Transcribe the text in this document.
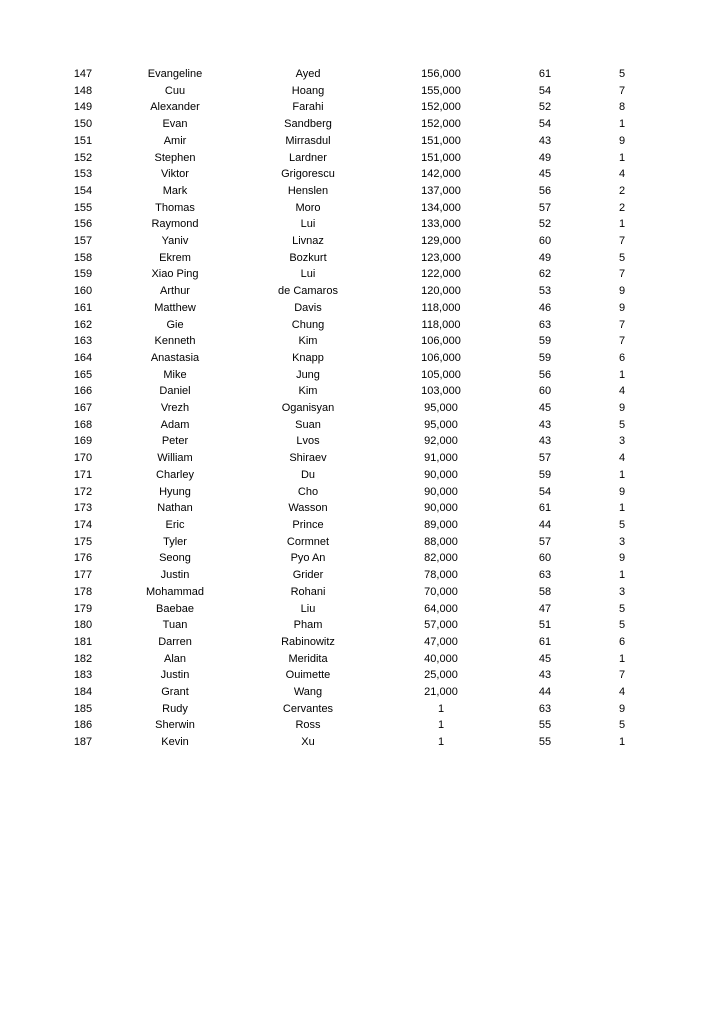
147	Evangeline	Ayed	156,000	61	5
148	Cuu	Hoang	155,000	54	7
149	Alexander	Farahi	152,000	52	8
150	Evan	Sandberg	152,000	54	1
151	Amir	Mirrasdul	151,000	43	9
152	Stephen	Lardner	151,000	49	1
153	Viktor	Grigorescu	142,000	45	4
154	Mark	Henslen	137,000	56	2
155	Thomas	Moro	134,000	57	2
156	Raymond	Lui	133,000	52	1
157	Yaniv	Livnaz	129,000	60	7
158	Ekrem	Bozkurt	123,000	49	5
159	Xiao Ping	Lui	122,000	62	7
160	Arthur	de Camaros	120,000	53	9
161	Matthew	Davis	118,000	46	9
162	Gie	Chung	118,000	63	7
163	Kenneth	Kim	106,000	59	7
164	Anastasia	Knapp	106,000	59	6
165	Mike	Jung	105,000	56	1
166	Daniel	Kim	103,000	60	4
167	Vrezh	Oganisyan	95,000	45	9
168	Adam	Suan	95,000	43	5
169	Peter	Lvos	92,000	43	3
170	William	Shiraev	91,000	57	4
171	Charley	Du	90,000	59	1
172	Hyung	Cho	90,000	54	9
173	Nathan	Wasson	90,000	61	1
174	Eric	Prince	89,000	44	5
175	Tyler	Cormnet	88,000	57	3
176	Seong	Pyo An	82,000	60	9
177	Justin	Grider	78,000	63	1
178	Mohammad	Rohani	70,000	58	3
179	Baebae	Liu	64,000	47	5
180	Tuan	Pham	57,000	51	5
181	Darren	Rabinowitz	47,000	61	6
182	Alan	Meridita	40,000	45	1
183	Justin	Ouimette	25,000	43	7
184	Grant	Wang	21,000	44	4
185	Rudy	Cervantes	1	63	9
186	Sherwin	Ross	1	55	5
187	Kevin	Xu	1	55	1
